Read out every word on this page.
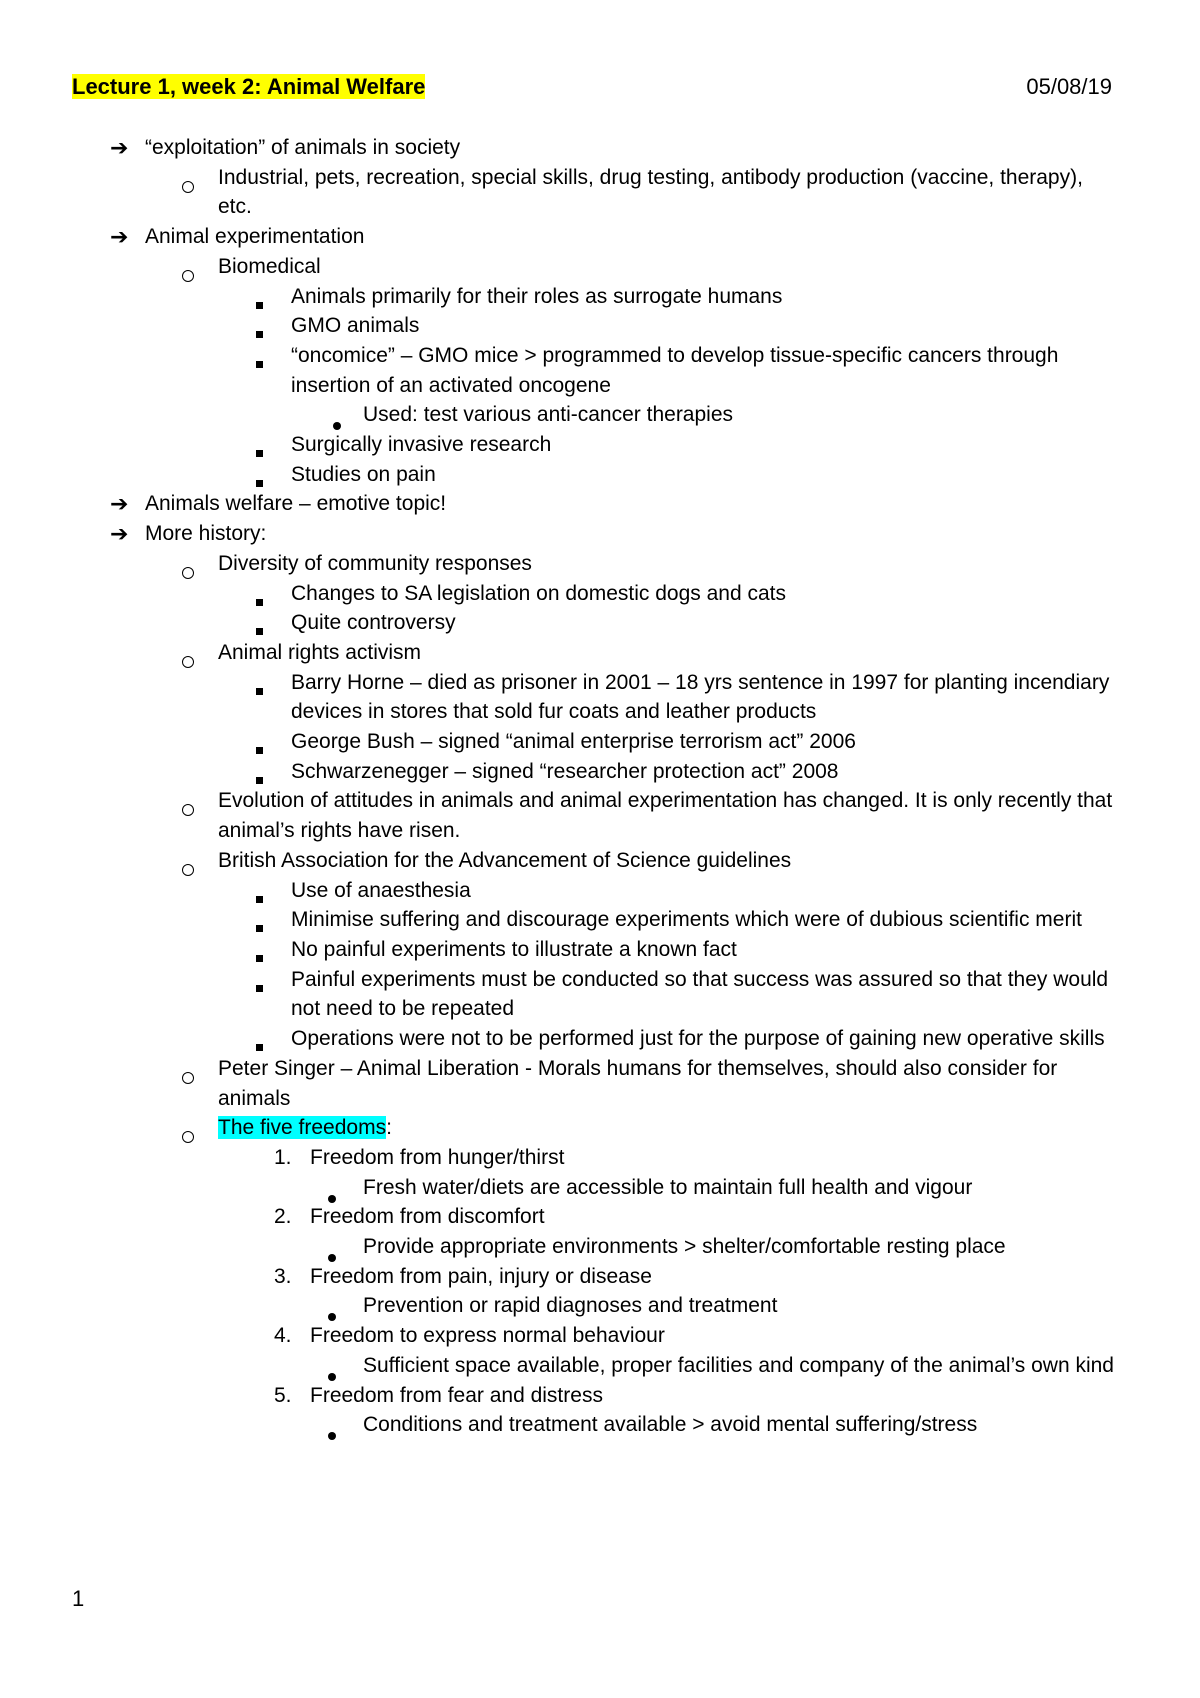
Lecture 1, week 2: Animal Welfare	05/08/19
➔ “exploitation” of animals in society
Industrial, pets, recreation, special skills, drug testing, antibody production (vaccine, therapy), etc.
➔ Animal experimentation
Biomedical
Animals primarily for their roles as surrogate humans
GMO animals
“oncomice” – GMO mice > programmed to develop tissue-specific cancers through insertion of an activated oncogene
Used: test various anti-cancer therapies
Surgically invasive research
Studies on pain
➔ Animals welfare – emotive topic!
➔ More history:
Diversity of community responses
Changes to SA legislation on domestic dogs and cats
Quite controversy
Animal rights activism
Barry Horne – died as prisoner in 2001 – 18 yrs sentence in 1997 for planting incendiary devices in stores that sold fur coats and leather products
George Bush – signed “animal enterprise terrorism act” 2006
Schwarzenegger – signed “researcher protection act” 2008
Evolution of attitudes in animals and animal experimentation has changed. It is only recently that animal’s rights have risen.
British Association for the Advancement of Science guidelines
Use of anaesthesia
Minimise suffering and discourage experiments which were of dubious scientific merit
No painful experiments to illustrate a known fact
Painful experiments must be conducted so that success was assured so that they would not need to be repeated
Operations were not to be performed just for the purpose of gaining new operative skills
Peter Singer – Animal Liberation - Morals humans for themselves, should also consider for animals
The five freedoms:
1. Freedom from hunger/thirst
Fresh water/diets are accessible to maintain full health and vigour
2. Freedom from discomfort
Provide appropriate environments > shelter/comfortable resting place
3. Freedom from pain, injury or disease
Prevention or rapid diagnoses and treatment
4. Freedom to express normal behaviour
Sufficient space available, proper facilities and company of the animal’s own kind
5. Freedom from fear and distress
Conditions and treatment available > avoid mental suffering/stress
1
